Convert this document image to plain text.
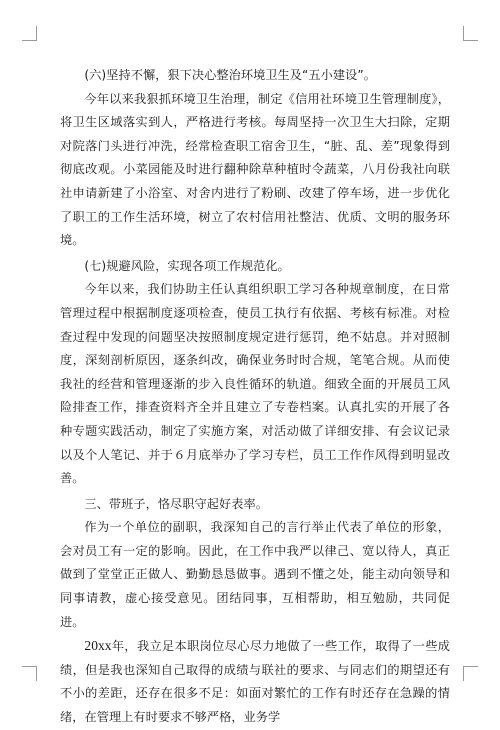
(六)坚持不懈，狠下决心整治环境卫生及“五小建设”。

今年以来我狠抓环境卫生治理，制定《信用社环境卫生管理制度》，将卫生区域落实到人，严格进行考核。每周坚持一次卫生大扫除，定期对院落门头进行冲洗，经常检查职工宿舍卫生，“脏、乱、差”现象得到彻底改观。小菜园能及时进行翻种除草种植时令蔬菜，八月份我社向联社申请新建了小浴室、对舍内进行了粉刷、改建了停车场，进一步优化了职工的工作生活环境，树立了农村信用社整洁、优质、文明的服务环境。

(七)规避风险，实现各项工作规范化。

今年以来，我们协助主任认真组织职工学习各种规章制度，在日常管理过程中根据制度逐项检查，使员工执行有依据、考核有标准。对检查过程中发现的问题坚决按照制度规定进行惩罚，绝不姑息。并对照制度，深刻剖析原因，逐条纠改，确保业务时时合规，笔笔合规。从而使我社的经营和管理逐渐的步入良性循环的轨道。细致全面的开展员工风险排查工作，排查资料齐全并且建立了专卷档案。认真扎实的开展了各种专题实践活动，制定了实施方案，对活动做了详细安排、有会议记录以及个人笔记、并于６月底举办了学习专栏，员工工作作风得到明显改善。

三、带班子，恪尽职守起好表率。

作为一个单位的副职，我深知自己的言行举止代表了单位的形象，会对员工有一定的影响。因此，在工作中我严以律己、宽以待人，真正做到了堂堂正正做人、勤勤恳恳做事。遇到不懂之处，能主动向领导和同事请教，虚心接受意见。团结同事，互相帮助，相互勉励，共同促进。

20xx年，我立足本职岗位尽心尽力地做了一些工作，取得了一些成绩，但是我也深知自己取得的成绩与联社的要求、与同志们的期望还有不小的差距，还存在很多不足：如面对繁忙的工作有时还存在急躁的情绪，在管理上有时要求不够严格，业务学
